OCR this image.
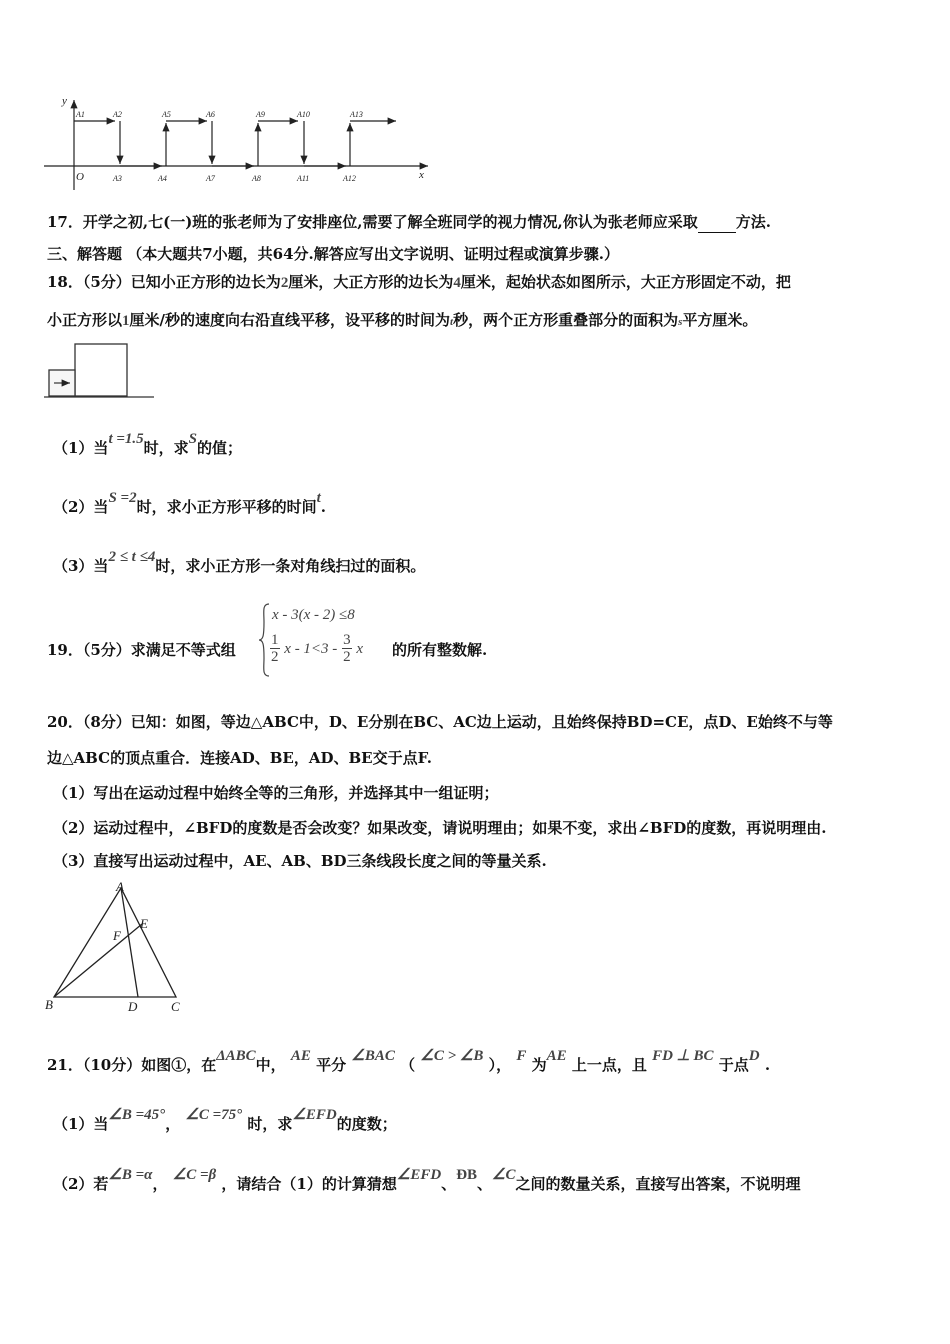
y
x
O
A1	A2	A5	A6	A9	A10	A13
A3	A4	A7	A8	A11	A12
17．开学之初,七(一)班的张老师为了安排座位,需要了解全班同学的视力情况,你认为张老师应采取	方法.
三、解答题 （本大题共7小题，共64分.解答应写出文字说明、证明过程或演算步骤.）
18．（5分）已知小正方形的边长为2厘米，大正方形的边长为4厘米，起始状态如图所示，大正方形固定不动，把
小正方形以1厘米/秒的速度向右沿直线平移，设平移的时间为t秒，两个正方形重叠部分的面积为s平方厘米。
（1）当t =1.5时，求S的值；
（2）当S =2时，求小正方形平移的时间t.
（3）当2 ≤ t ≤4时，求小正方形一条对角线扫过的面积。
19．（5分）求满足不等式组
x - 3(x - 2) ≤8
$\frac{1}{2}$ $x - 1<3 - \frac{3}{2}$ x 的所有整数解.
20．（8分）已知：如图，等边△ABC中，D、E分别在BC、AC边上运动，且始终保持BD=CE，点D、E始终不与等
边△ABC的顶点重合．连接AD、BE，AD、BE交于点F.
（1）写出在运动过程中始终全等的三角形，并选择其中一组证明；
（2）运动过程中，∠BFD的度数是否会改变？如果改变，请说明理由；如果不变，求出∠BFD的度数，再说明理由.
（3）直接写出运动过程中，AE、AB、BD三条线段长度之间的等量关系.
A
B	C
D
E
F
21．（10分）如图①，在ΔABC中， AE 平分 ∠BAC （ ∠C > ∠B ）， F 为AE 上一点，且 FD ⊥ BC 于点D .
（1）当∠B =45°， ∠C =75° 时，求∠EFD的度数；
（2）若∠B =α， ∠C =β ，请结合（1）的计算猜想∠EFD、ÐB、∠C之间的数量关系，直接写出答案，不说明理
